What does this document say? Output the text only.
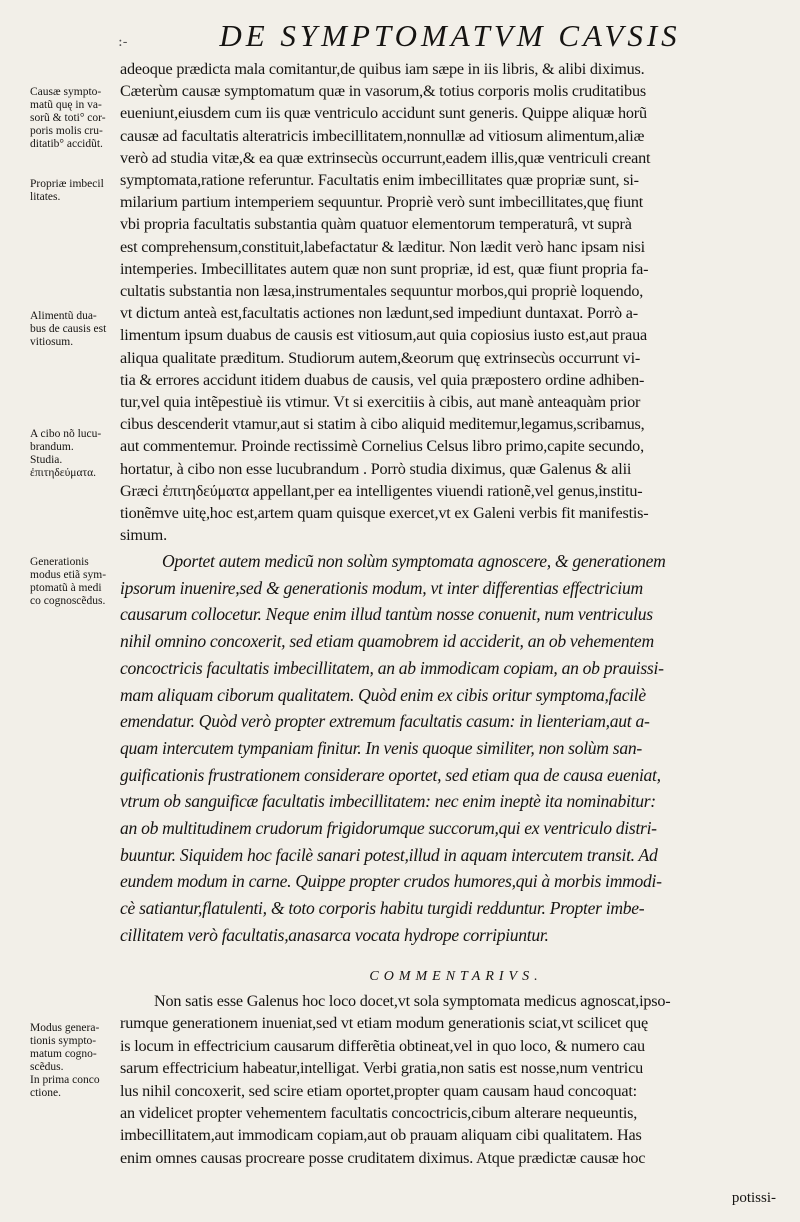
:-	DE SYMPTOMATVM CAVSIS
Causæ sympto-
matũ quę in va-
sorũ & toti° cor-
poris molis cru-
ditatib° accidũt.
Propriæ imbecil
litates.
Alimentũ dua-
bus de causis est
vitiosum.
A cibo nõ lucu-
brandum.
Studia.
ἐπιτηδεύματα.
Generationis
modus etiã sym-
ptomatũ à medi
co cognoscẽdus.
Modus genera-
tionis sympto-
matum cogno-
scẽdus.
In prima conco
ctione.
adeoque prædicta mala comitantur,de quibus iam sæpe in iis libris, & alibi diximus.
Cæterùm causæ symptomatum quæ in vasorum,& totius corporis molis cruditatibus
eueniunt,eiusdem cum iis quæ ventriculo accidunt sunt generis. Quippe aliquæ horũ
causæ ad facultatis alteratricis imbecillitatem,nonnullæ ad vitiosum alimentum,aliæ
verò ad studia vitæ,& ea quæ extrinsecùs occurrunt,eadem illis,quæ ventriculi creant
symptomata,ratione referuntur. Facultatis enim imbecillitates quæ propriæ sunt, si-
milarium partium intemperiem sequuntur. Propriè verò sunt imbecillitates,quę fiunt
vbi propria facultatis substantia quàm quatuor elementorum temperaturâ, vt suprà
est comprehensum,constituit,labefactatur & læditur. Non lædit verò hanc ipsam nisi
intemperies. Imbecillitates autem quæ non sunt propriæ, id est, quæ fiunt propria fa-
cultatis substantia non læsa,instrumentales sequuntur morbos,qui propriè loquendo,
vt dictum anteà est,facultatis actiones non lædunt,sed impediunt duntaxat. Porrò a-
limentum ipsum duabus de causis est vitiosum,aut quia copiosius iusto est,aut praua
aliqua qualitate præditum. Studiorum autem,&eorum quę extrinsecùs occurrunt vi-
tia & errores accidunt itidem duabus de causis, vel quia præpostero ordine adhiben-
tur,vel quia intẽpestiuè iis vtimur. Vt si exercitiis à cibis, aut manè anteaquàm prior
cibus descenderit vtamur,aut si statim à cibo aliquid meditemur,legamus,scribamus,
aut commentemur. Proinde rectissimè Cornelius Celsus libro primo,capite secundo,
hortatur, à cibo non esse lucubrandum . Porrò studia diximus, quæ Galenus & alii
Græci ἐπιτηδεύματα appellant,per ea intelligentes viuendi rationẽ,vel genus,institu-
tionẽmve uitę,hoc est,artem quam quisque exercet,vt ex Galeni verbis fit manifestis-
simum.
Oportet autem medicũ non solùm symptomata agnoscere, & generationem
ipsorum inuenire,sed & generationis modum, vt inter differentias effectricium
causarum collocetur. Neque enim illud tantùm nosse conuenit, num ventriculus
nihil omnino concoxerit, sed etiam quamobrem id acciderit, an ob vehementem
concoctricis facultatis imbecillitatem, an ab immodicam copiam, an ob prauissi-
mam aliquam ciborum qualitatem. Quòd enim ex cibis oritur symptoma,facilè
emendatur. Quòd verò propter extremum facultatis casum: in lienteriam,aut a-
quam intercutem tympaniam finitur. In venis quoque similiter, non solùm san-
guificationis frustrationem considerare oportet, sed etiam qua de causa eueniat,
vtrum ob sanguificæ facultatis imbecillitatem: nec enim ineptè ita nominabitur:
an ob multitudinem crudorum frigidorumque succorum,qui ex ventriculo distri-
buuntur. Siquidem hoc facilè sanari potest,illud in aquam intercutem transit. Ad
eundem modum in carne. Quippe propter crudos humores,qui à morbis immodi-
cè satiantur,flatulenti, & toto corporis habitu turgidi redduntur. Propter imbe-
cillitatem verò facultatis,anasarca vocata hydrope corripiuntur.
COMMENTARIVS.
Non satis esse Galenus hoc loco docet,vt sola symptomata medicus agnoscat,ipso-
rumque generationem inueniat,sed vt etiam modum generationis sciat,vt scilicet quę
is locum in effectricium causarum differẽtia obtineat,vel in quo loco, & numero cau
sarum effectricium habeatur,intelligat. Verbi gratia,non satis est nosse,num ventricu
lus nihil concoxerit, sed scire etiam oportet,propter quam causam haud concoquat:
an videlicet propter vehementem facultatis concoctricis,cibum alterare nequeuntis,
imbecillitatem,aut immodicam copiam,aut ob prauam aliquam cibi qualitatem. Has
enim omnes causas procreare posse cruditatem diximus. Atque prædictæ causæ hoc
potissi-
